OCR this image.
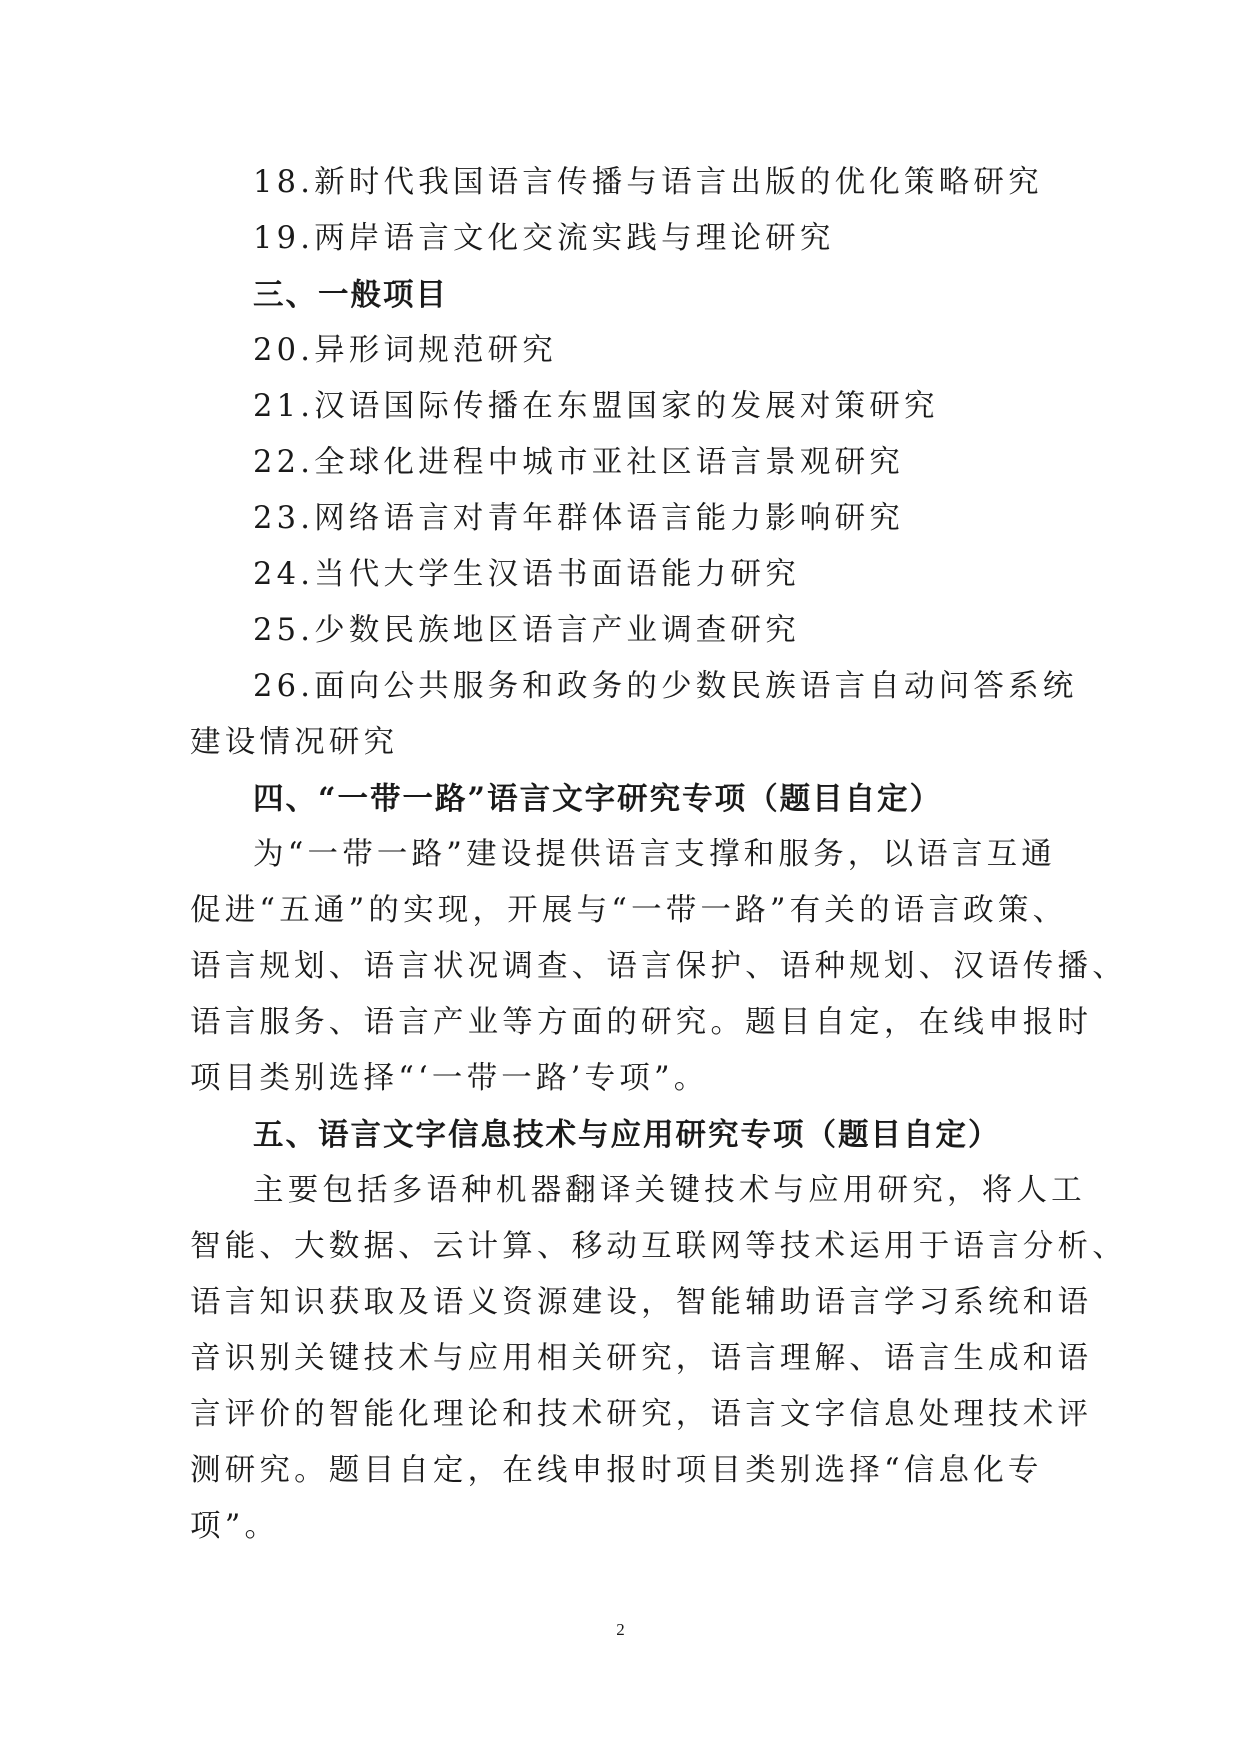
18.新时代我国语言传播与语言出版的优化策略研究
19.两岸语言文化交流实践与理论研究
三、一般项目
20.异形词规范研究
21.汉语国际传播在东盟国家的发展对策研究
22.全球化进程中城市亚社区语言景观研究
23.网络语言对青年群体语言能力影响研究
24.当代大学生汉语书面语能力研究
25.少数民族地区语言产业调查研究
26.面向公共服务和政务的少数民族语言自动问答系统
建设情况研究
四、“一带一路”语言文字研究专项（题目自定）
为“一带一路”建设提供语言支撑和服务，以语言互通
促进“五通”的实现，开展与“一带一路”有关的语言政策、
语言规划、语言状况调查、语言保护、语种规划、汉语传播、
语言服务、语言产业等方面的研究。题目自定，在线申报时
项目类别选择“‘一带一路’专项”。
五、语言文字信息技术与应用研究专项（题目自定）
主要包括多语种机器翻译关键技术与应用研究，将人工
智能、大数据、云计算、移动互联网等技术运用于语言分析、
语言知识获取及语义资源建设，智能辅助语言学习系统和语
音识别关键技术与应用相关研究，语言理解、语言生成和语
言评价的智能化理论和技术研究，语言文字信息处理技术评
测研究。题目自定，在线申报时项目类别选择“信息化专
项”。
2
